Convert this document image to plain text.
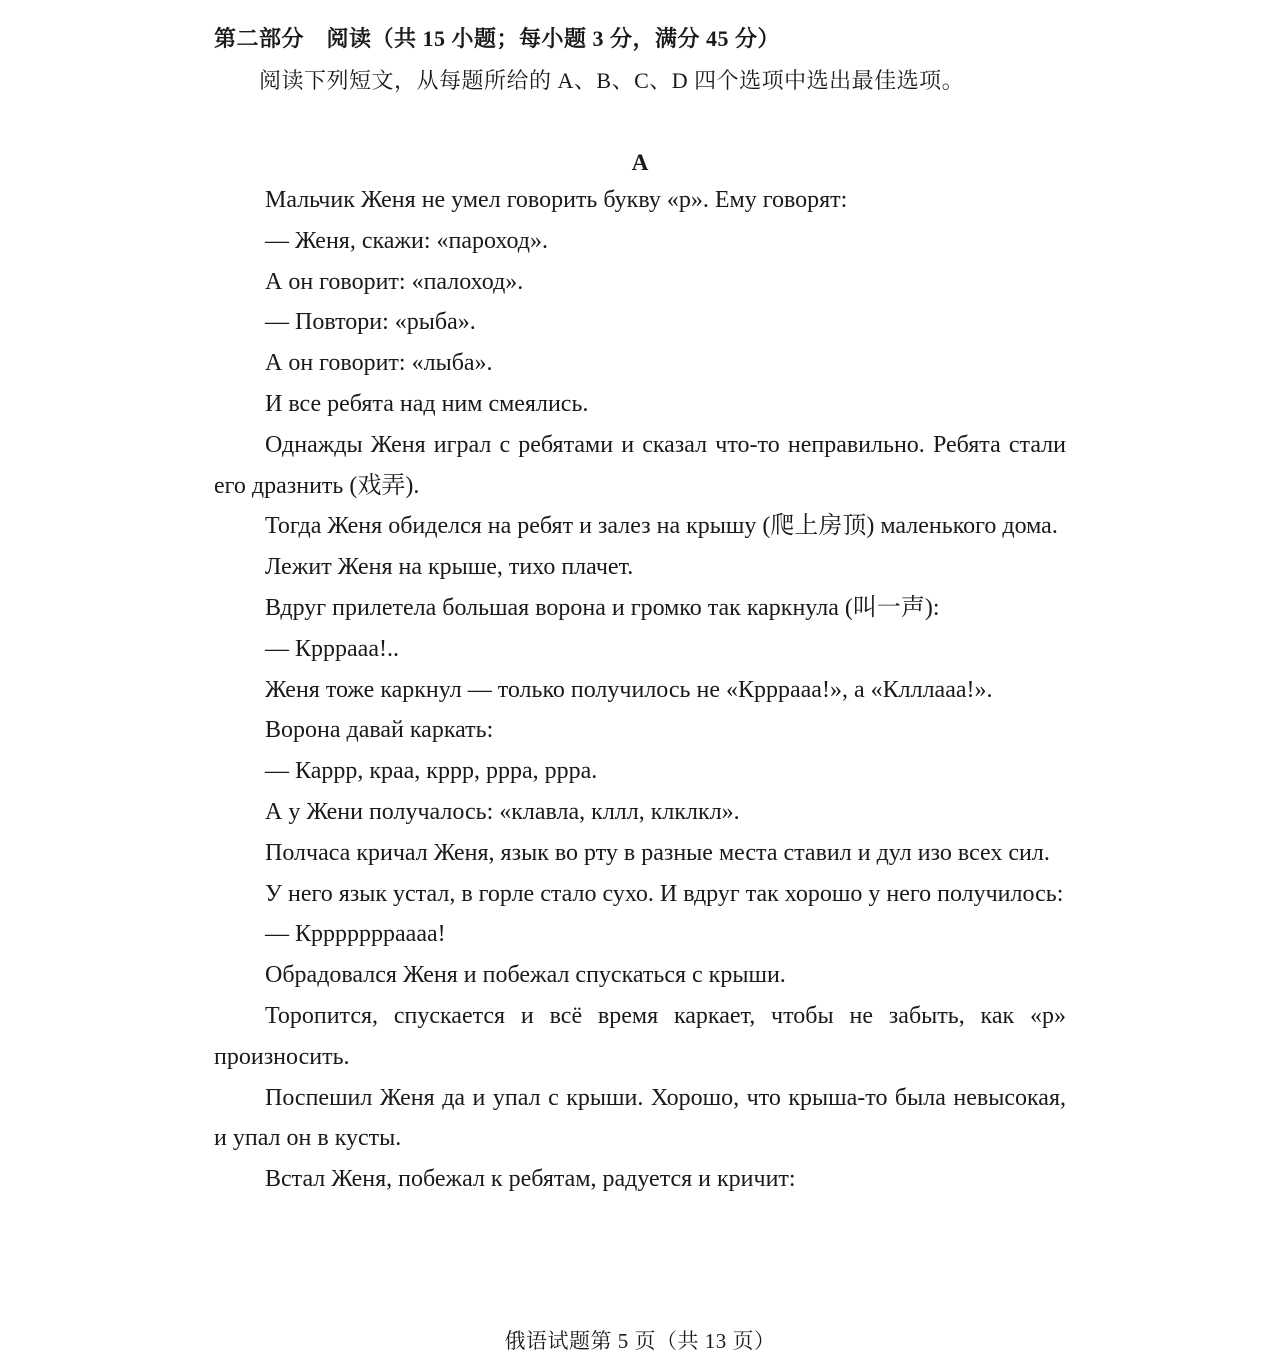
第二部分　阅读（共 15 小题；每小题 3 分，满分 45 分）
阅读下列短文，从每题所给的 A、B、C、D 四个选项中选出最佳选项。
A

Мальчик Женя не умел говорить букву «р». Ему говорят:

— Женя, скажи: «пароход».

А он говорит: «палоход».

— Повтори: «рыба».

А он говорит: «лыба».

И все ребята над ним смеялись.

Однажды Женя играл с ребятами и сказал что-то неправильно. Ребята стали его дразнить (戏弄).

Тогда Женя обиделся на ребят и залез на крышу (爬上房顶) маленького дома.

Лежит Женя на крыше, тихо плачет.

Вдруг прилетела большая ворона и громко так каркнула (叫一声):

— Кррраaa!..

Женя тоже каркнул — только получилось не «Кррраaa!», а «Клллaaa!».

Ворона давай каркать:

— Каррр, краа, кррр, ррра, ррра.

А у Жени получалось: «клавла, кллл, клклкл».

Полчаса кричал Женя, язык во рту в разные места ставил и дул изо всех сил.

У него язык устал, в горле стало сухо. И вдруг так хорошо у него получилось:

— Крррррррaaaa!

Обрадовался Женя и побежал спускаться с крыши.

Торопится, спускается и всё время каркает, чтобы не забыть, как «р» произносить.

Поспешил Женя да и упал с крыши. Хорошо, что крыша-то была невысокая, и упал он в кусты.

Встал Женя, побежал к ребятам, радуется и кричит:

俄语试题第 5 页（共 13 页）
